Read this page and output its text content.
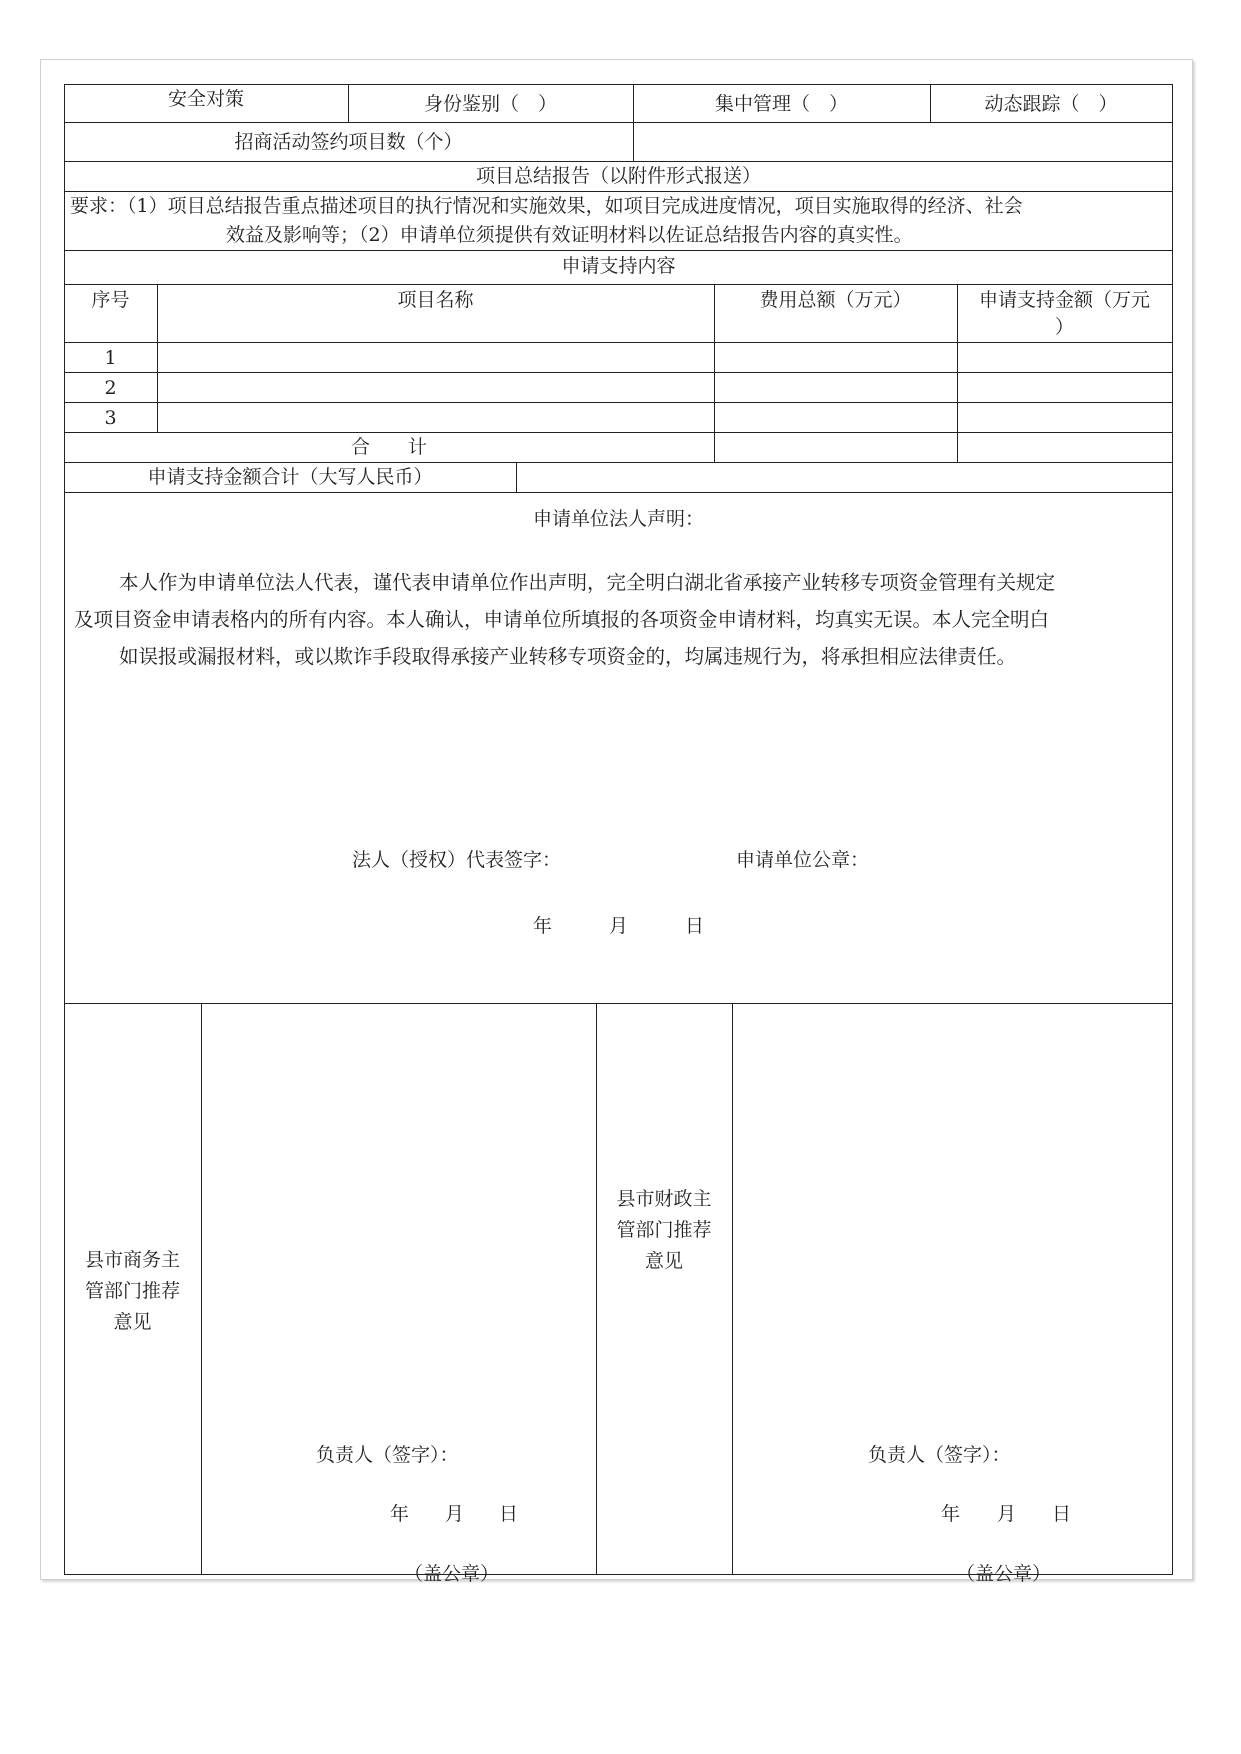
安全对策	身份鉴别（　）	集中管理（　）	动态跟踪（　）
招商活动签约项目数（个）
项目总结报告（以附件形式报送）
要求：（1）项目总结报告重点描述项目的执行情况和实施效果，如项目完成进度情况，项目实施取得的经济、社会
效益及影响等；（2）申请单位须提供有效证明材料以佐证总结报告内容的真实性。
申请支持内容
序号	项目名称	费用总额（万元）	申请支持金额（万元
）
1
2
3
合　　计
申请支持金额合计（大写人民币）
申请单位法人声明：
本人作为申请单位法人代表，谨代表申请单位作出声明，完全明白湖北省承接产业转移专项资金管理有关规定
及项目资金申请表格内的所有内容。本人确认，申请单位所填报的各项资金申请材料，均真实无误。本人完全明白
如误报或漏报材料，或以欺诈手段取得承接产业转移专项资金的，均属违规行为，将承担相应法律责任。
法人（授权）代表签字：	申请单位公章：
年	月	日
县市商务主
管部门推荐
意见
负责人（签字）：
年 月 日
（盖公章）
县市财政主
管部门推荐
意见
负责人（签字）：
年 月 日
（盖公章）
